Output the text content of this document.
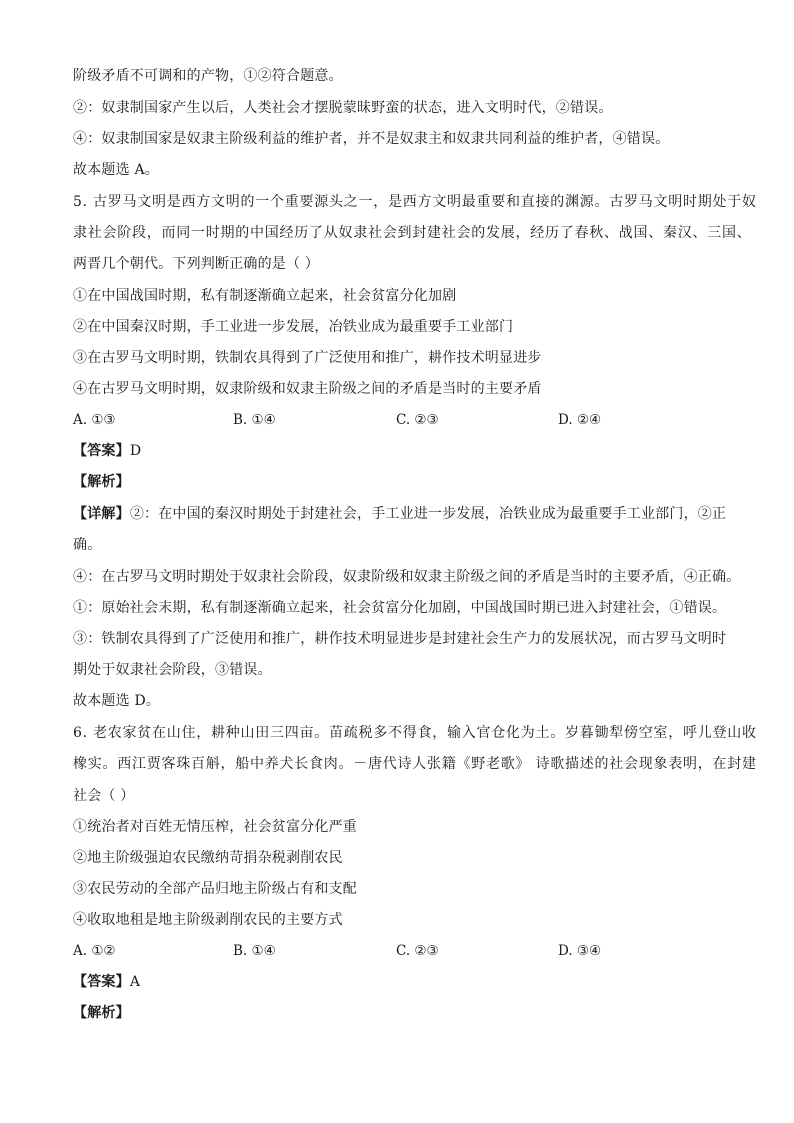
阶级矛盾不可调和的产物，①②符合题意。
②：奴隶制国家产生以后，人类社会才摆脱蒙昧野蛮的状态，进入文明时代，②错误。
④：奴隶制国家是奴隶主阶级利益的维护者，并不是奴隶主和奴隶共同利益的维护者，④错误。
故本题选 A。
5. 古罗马文明是西方文明的一个重要源头之一，是西方文明最重要和直接的渊源。古罗马文明时期处于奴
隶社会阶段，而同一时期的中国经历了从奴隶社会到封建社会的发展，经历了春秋、战国、秦汉、三国、
两晋几个朝代。下列判断正确的是（ ）
①在中国战国时期，私有制逐渐确立起来，社会贫富分化加剧
②在中国秦汉时期，手工业进一步发展，冶铁业成为最重要手工业部门
③在古罗马文明时期，铁制农具得到了广泛使用和推广，耕作技术明显进步
④在古罗马文明时期，奴隶阶级和奴隶主阶级之间的矛盾是当时的主要矛盾
A. ①③	B. ①④	C. ②③	D. ②④
【答案】D
【解析】
【详解】②：在中国的秦汉时期处于封建社会，手工业进一步发展，冶铁业成为最重要手工业部门，②正
确。
④：在古罗马文明时期处于奴隶社会阶段，奴隶阶级和奴隶主阶级之间的矛盾是当时的主要矛盾，④正确。
①：原始社会末期，私有制逐渐确立起来，社会贫富分化加剧，中国战国时期已进入封建社会，①错误。
③：铁制农具得到了广泛使用和推广，耕作技术明显进步是封建社会生产力的发展状况，而古罗马文明时
期处于奴隶社会阶段，③错误。
故本题选 D。
6. 老农家贫在山住，耕种山田三四亩。苗疏税多不得食，输入官仓化为土。岁暮锄犁傍空室，呼儿登山收
橡实。西江贾客珠百斛，船中养犬长食肉。－唐代诗人张籍《野老歌》 诗歌描述的社会现象表明，在封建
社会（ ）
①统治者对百姓无情压榨，社会贫富分化严重
②地主阶级强迫农民缴纳苛捐杂税剥削农民
③农民劳动的全部产品归地主阶级占有和支配
④收取地租是地主阶级剥削农民的主要方式
A. ①②	B. ①④	C. ②③	D. ③④
【答案】A
【解析】
